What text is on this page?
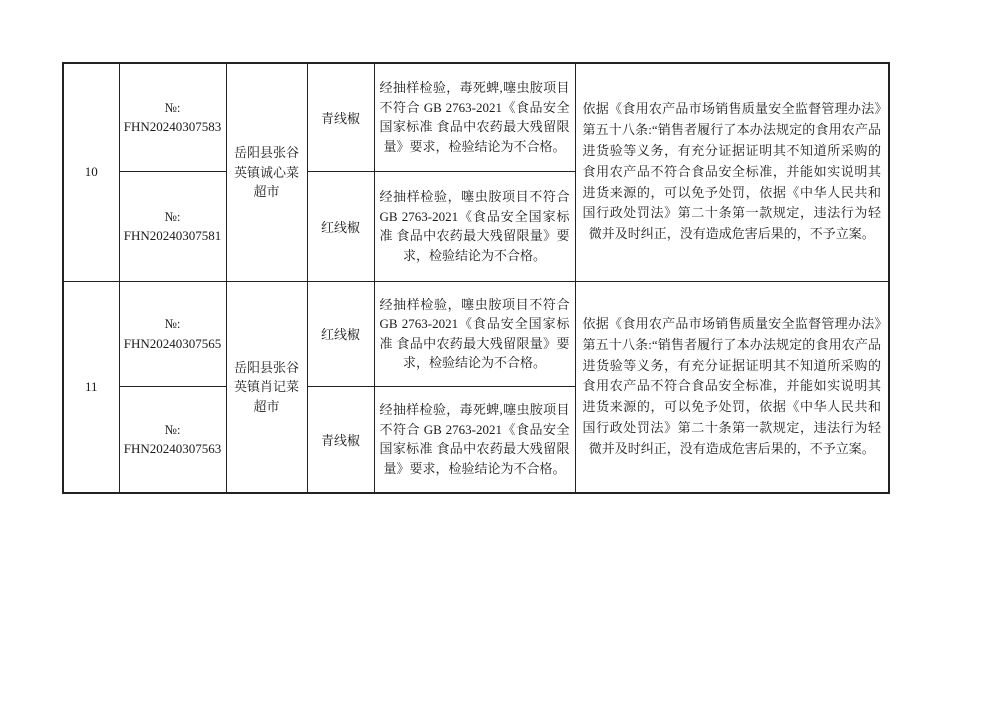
10	№:
FHN20240307583	岳阳县张谷英镇诚心菜超市	青线椒	经抽样检验，毒死蜱,噻虫胺项目不符合 GB 2763-2021《食品安全国家标准 食品中农药最大残留限量》要求，检验结论为不合格。	依据《食用农产品市场销售质量安全监督管理办法》第五十八条:“销售者履行了本办法规定的食用农产品进货验等义务，有充分证据证明其不知道所采购的食用农产品不符合食品安全标准，并能如实说明其进货来源的，可以免予处罚，依据《中华人民共和国行政处罚法》第二十条第一款规定，违法行为轻微并及时纠正，没有造成危害后果的，不予立案。

	№:
FHN20240307581		红线椒	经抽样检验，噻虫胺项目不符合 GB 2763-2021《食品安全国家标准 食品中农药最大残留限量》要求，检验结论为不合格。	

11	№:
FHN20240307565	岳阳县张谷英镇肖记菜超市	红线椒	经抽样检验，噻虫胺项目不符合 GB 2763-2021《食品安全国家标准 食品中农药最大残留限量》要求，检验结论为不合格。	依据《食用农产品市场销售质量安全监督管理办法》第五十八条:“销售者履行了本办法规定的食用农产品进货验等义务，有充分证据证明其不知道所采购的食用农产品不符合食品安全标准，并能如实说明其进货来源的，可以免予处罚，依据《中华人民共和国行政处罚法》第二十条第一款规定，违法行为轻微并及时纠正，没有造成危害后果的，不予立案。

	№:
FHN20240307563		青线椒	经抽样检验，毒死蜱,噻虫胺项目不符合 GB 2763-2021《食品安全国家标准 食品中农药最大残留限量》要求，检验结论为不合格。	
